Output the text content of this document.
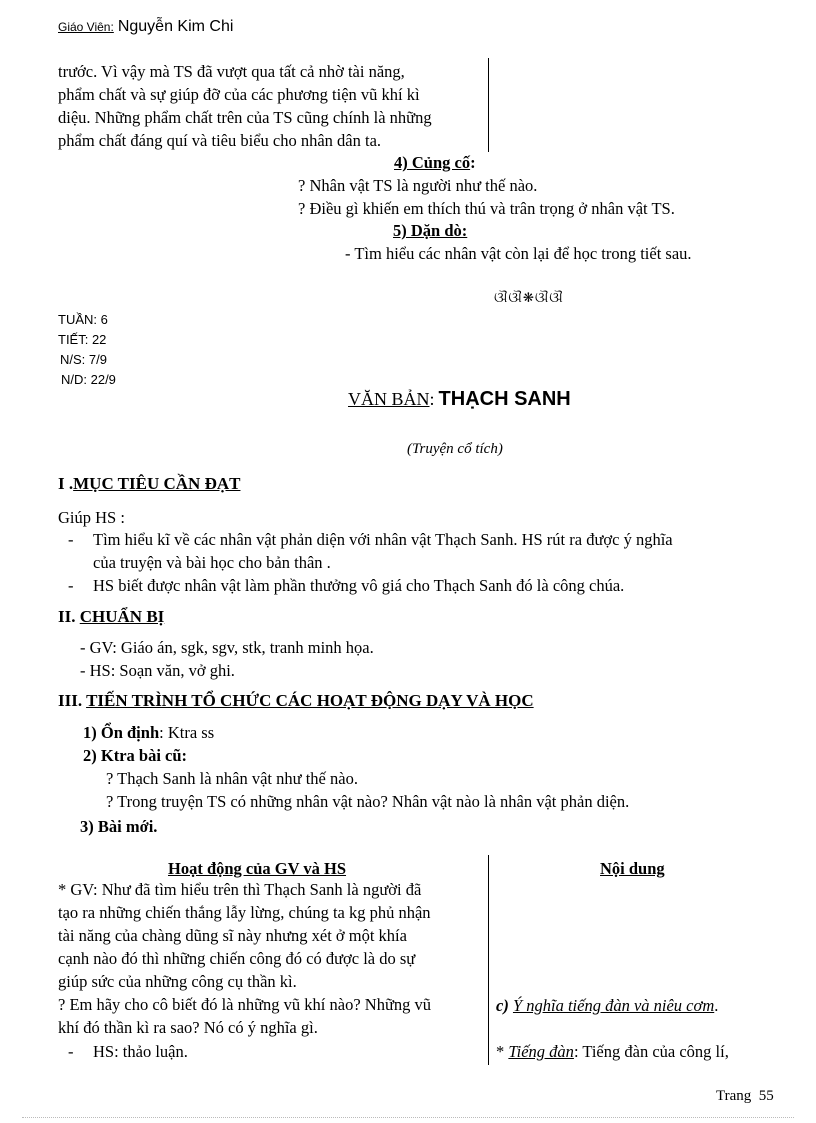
Giáo Viên: Nguyễn Kim Chi
trước. Vì vậy mà TS đã vượt qua tất cả nhờ tài năng,
phẩm chất và sự giúp đỡ của các phương tiện vũ khí kì
diệu. Những phẩm chất trên của TS cũng chính là những
phẩm chất đáng quí và tiêu biểu cho nhân dân ta.
4) Củng cố:
? Nhân vật TS là người như thế nào.
? Điều gì khiến em thích thú và trân trọng ở nhân vật TS.
5) Dặn dò:
- Tìm hiểu các nhân vật còn lại để học trong tiết sau.
ଔଔ❋ଔଔ
TUẦN: 6
TIẾT: 22
N/S: 7/9
N/D: 22/9
VĂN BẢN: THẠCH SANH
(Truyện cổ tích)
I .MỤC TIÊU CẦN ĐẠT
Giúp HS :
- Tìm hiểu kĩ về các nhân vật phản diện với nhân vật Thạch Sanh. HS rút ra được ý nghĩa
của truyện và bài học cho bản thân .
- HS biết được nhân vật làm phần thưởng vô giá cho Thạch Sanh đó là công chúa.
II. CHUẨN BỊ
- GV: Giáo án, sgk, sgv, stk, tranh minh họa.
- HS: Soạn văn, vở ghi.
III. TIẾN TRÌNH TỔ CHỨC CÁC HOẠT ĐỘNG DẠY VÀ HỌC
1) Ổn định: Ktra ss
2) Ktra bài cũ:
? Thạch Sanh là nhân vật như thế nào.
? Trong truyện TS có những nhân vật nào? Nhân vật nào là nhân vật phản diện.
3) Bài mới.
Hoạt động của GV và HS	Nội dung
* GV: Như đã tìm hiểu trên thì Thạch Sanh là người đã
tạo ra những chiến thắng lẫy lừng, chúng ta kg phủ nhận
tài năng của chàng dũng sĩ này nhưng xét ở một khía
cạnh nào đó thì những chiến công đó có được là do sự
giúp sức của những công cụ thần kì.
? Em hãy cho cô biết đó là những vũ khí nào? Những vũ
khí đó thần kì ra sao? Nó có ý nghĩa gì.
- HS: thảo luận.
c) Ý nghĩa tiếng đàn và niêu cơm.
* Tiếng đàn: Tiếng đàn của công lí,
Trang  55
